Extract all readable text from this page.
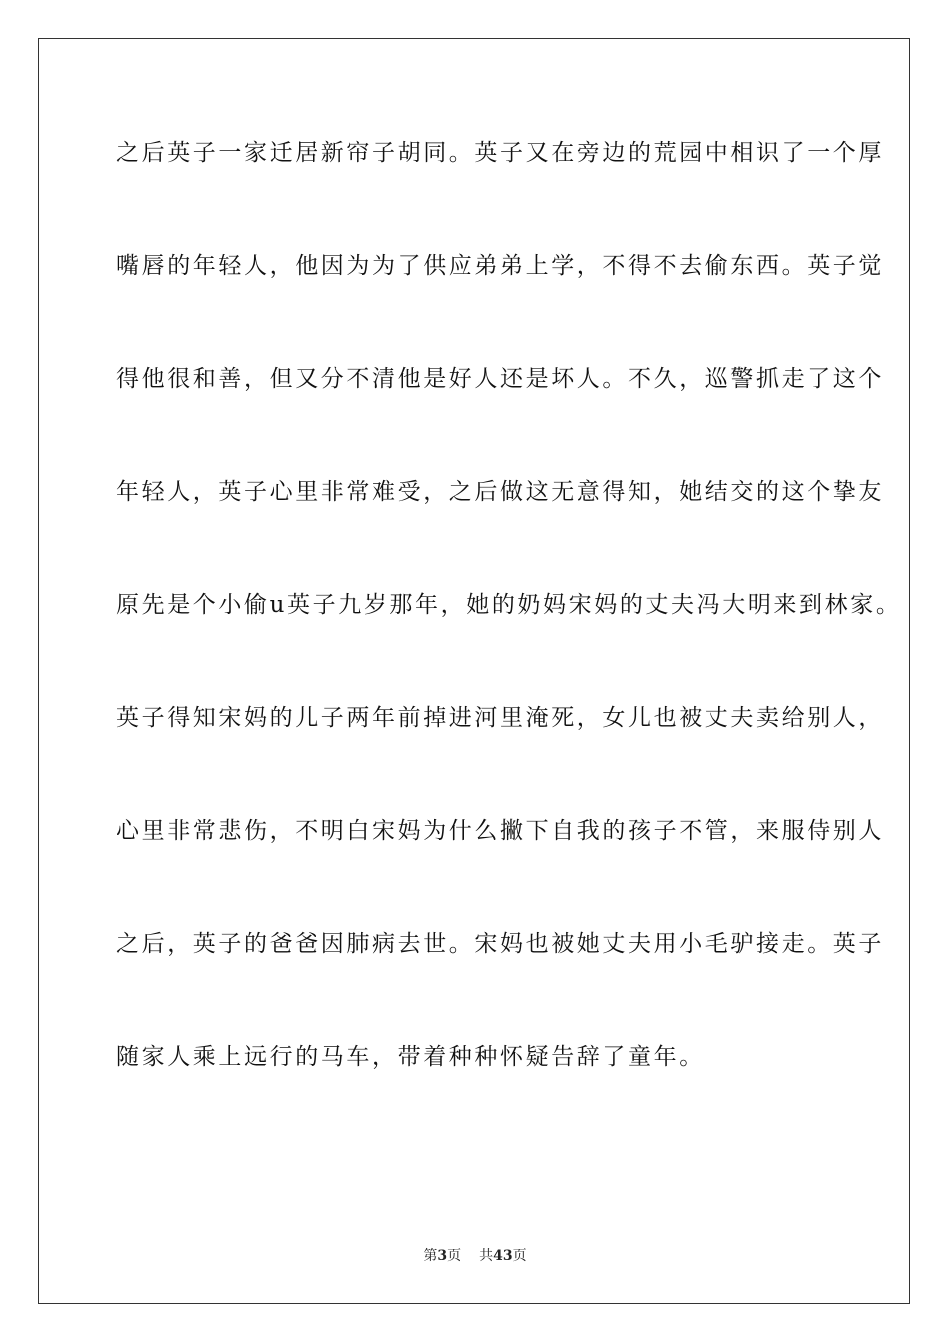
之后英子一家迁居新帘子胡同。英子又在旁边的荒园中相识了一个厚
嘴唇的年轻人，他因为为了供应弟弟上学，不得不去偷东西。英子觉
得他很和善，但又分不清他是好人还是坏人。不久，巡警抓走了这个
年轻人，英子心里非常难受，之后做这无意得知，她结交的这个挚友
原先是个小偷u英子九岁那年，她的奶妈宋妈的丈夫冯大明来到林家。
英子得知宋妈的儿子两年前掉进河里淹死，女儿也被丈夫卖给别人，
心里非常悲伤，不明白宋妈为什么撇下自我的孩子不管，来服侍别人
之后，英子的爸爸因肺病去世。宋妈也被她丈夫用小毛驴接走。英子
随家人乘上远行的马车，带着种种怀疑告辞了童年。
第3页 共43页
